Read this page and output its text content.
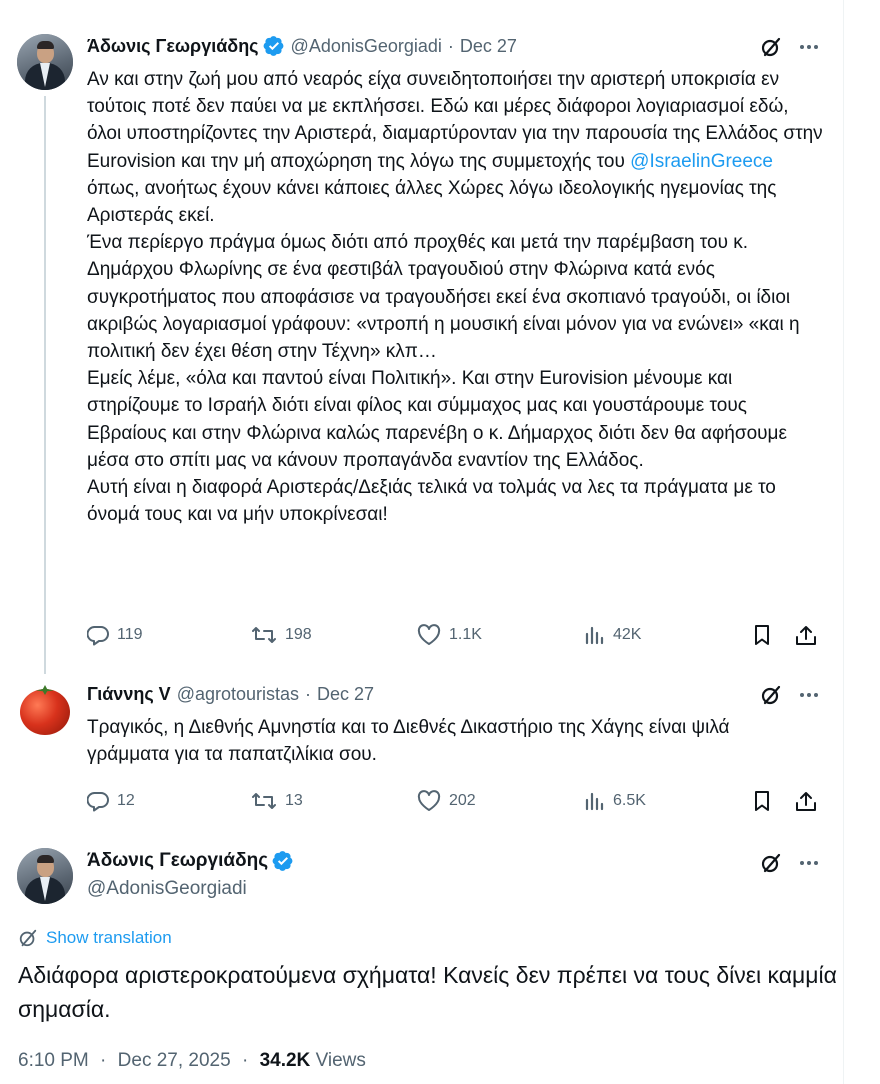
Άδωνις Γεωργιάδης @AdonisGeorgiadi · Dec 27

Αν και στην ζωή μου από νεαρός είχα συνειδητοποιήσει την αριστερή υποκρισία εν τούτοις ποτέ δεν παύει να με εκπλήσσει. Εδώ και μέρες διάφοροι λογιαριασμοί εδώ, όλοι υποστηρίζοντες την Αριστερά, διαμαρτύρονταν για την παρουσία της Ελλάδος στην Eurovision και την μή αποχώρηση της λόγω της συμμετοχής του @IsraelinGreece όπως, ανοήτως έχουν κάνει κάποιες άλλες Χώρες λόγω ιδεολογικής ηγεμονίας της Αριστεράς εκεί.

Ένα περίεργο πράγμα όμως διότι από προχθές και μετά την παρέμβαση του κ. Δημάρχου Φλωρίνης σε ένα φεστιβάλ τραγουδιού στην Φλώρινα κατά ενός συγκροτήματος που αποφάσισε να τραγουδήσει εκεί ένα σκοπιανό τραγούδι, οι ίδιοι ακριβώς λογαριασμοί γράφουν: «ντροπή η μουσική είναι μόνον για να ενώνει» «και η πολιτική δεν έχει θέση στην Τέχνη» κλπ…

Εμείς λέμε, «όλα και παντού είναι Πολιτική». Και στην Eurovision μένουμε και στηρίζουμε το Ισραήλ διότι είναι φίλος και σύμμαχος μας και γουστάρουμε τους Εβραίους και στην Φλώρινα καλώς παρενέβη ο κ. Δήμαρχος διότι δεν θα αφήσουμε μέσα στο σπίτι μας να κάνουν προπαγάνδα εναντίον της Ελλάδος.

Αυτή είναι η διαφορά Αριστεράς/Δεξιάς τελικά να τολμάς να λες τα πράγματα με το όνομά τους και να μήν υποκρίνεσαι!

119	198	1.1K	42K
Γιάννης V @agrotouristas · Dec 27
Τραγικός, η Διεθνής Αμνηστία και το Διεθνές Δικαστήριο της Χάγης είναι ψιλά γράμματα για τα παπατζιλίκια σου.
12	13	202	6.5K
Άδωνις Γεωργιάδης
@AdonisGeorgiadi
Show translation
Αδιάφορα αριστεροκρατούμενα σχήματα! Κανείς δεν πρέπει να τους δίνει καμμία σημασία.
6:10 PM · Dec 27, 2025 · 34.2K Views
